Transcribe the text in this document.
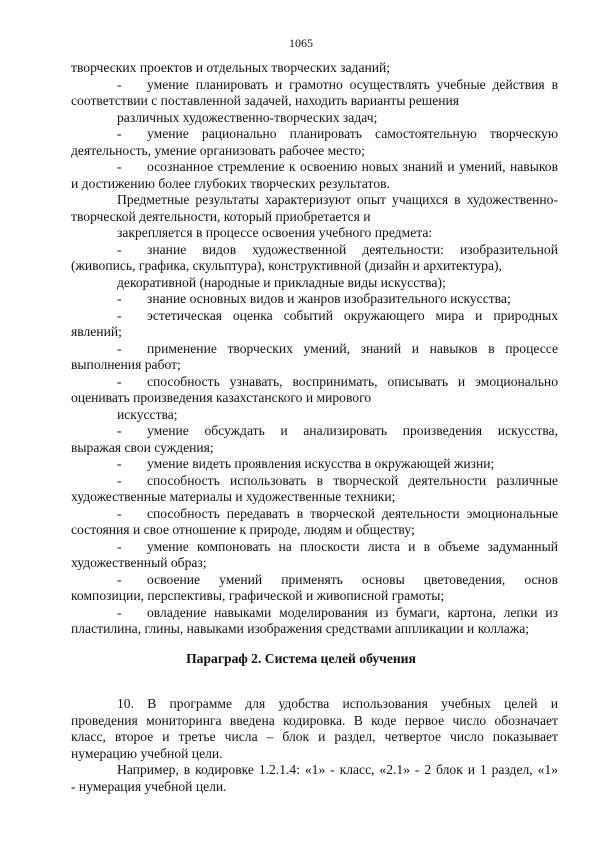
1065
творческих проектов и отдельных творческих заданий;
-	умение планировать и грамотно осуществлять учебные действия в
соответствии с поставленной задачей, находить варианты решения
различных художественно-творческих задач;
-	умение рационально планировать самостоятельную творческую
деятельность, умение организовать рабочее место;
-	осознанное стремление к освоению новых знаний и умений, навыков
и достижению более глубоких творческих результатов.
Предметные результаты характеризуют опыт учащихся в художественно-
творческой деятельности, который приобретается и
закрепляется в процессе освоения учебного предмета:
-	знание видов художественной деятельности: изобразительной
(живопись, графика, скульптура), конструктивной (дизайн и архитектура),
декоративной (народные и прикладные виды искусства);
- знание основных видов и жанров изобразительного искусства;
-	эстетическая оценка событий окружающего мира и природных
явлений;
-	применение творческих умений, знаний и навыков в процессе
выполнения работ;
-	способность узнавать, воспринимать, описывать и эмоционально
оценивать произведения казахстанского и мирового
искусства;
-	умение обсуждать и анализировать произведения искусства,
выражая свои суждения;
- умение видеть проявления искусства в окружающей жизни;
-	способность использовать в творческой деятельности различные
художественные материалы и художественные техники;
-	способность передавать в творческой деятельности эмоциональные
состояния и свое отношение к природе, людям и обществу;
-	умение компоновать на плоскости листа и в объеме задуманный
художественный образ;
-	освоение умений применять основы цветоведения, основ
композиции, перспективы, графической и живописной грамоты;
-	овладение навыками моделирования из бумаги, картона, лепки из
пластилина, глины, навыками изображения средствами аппликации и коллажа;
Параграф 2. Система целей обучения
10. В программе для удобства использования учебных целей и
проведения мониторинга введена кодировка. В коде первое число обозначает
класс, второе и третье числа – блок и раздел, четвертое число показывает
нумерацию учебной цели.
Например, в кодировке 1.2.1.4: «1» - класс, «2.1» - 2 блок и 1 раздел, «1»
- нумерация учебной цели.
